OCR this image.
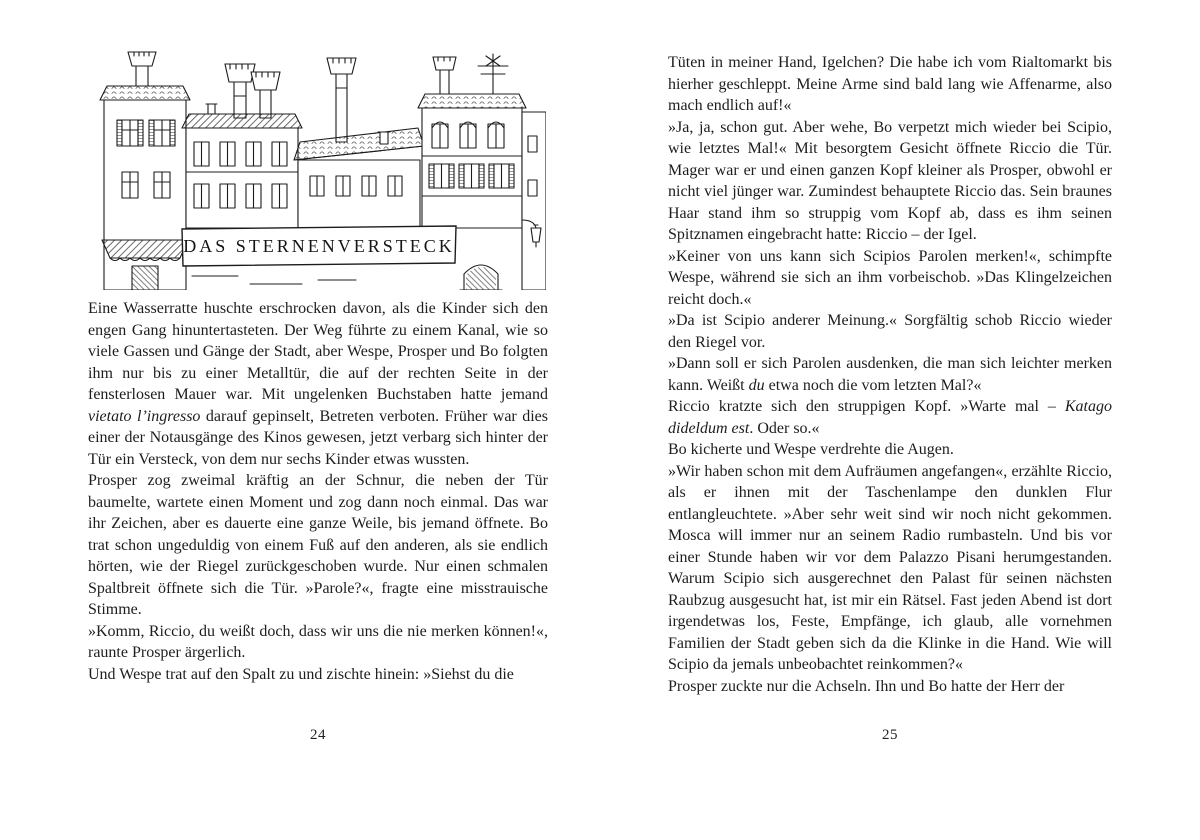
DAS STERNENVERSTECK

Eine Wasserratte huschte erschrocken davon, als die Kinder sich den engen Gang hinuntertasteten. Der Weg führte zu einem Kanal, wie so viele Gassen und Gänge der Stadt, aber Wespe, Prosper und Bo folgten ihm nur bis zu einer Metalltür, die auf der rechten Seite in der fensterlosen Mauer war. Mit ungelenken Buchstaben hatte jemand vietato l’ingresso darauf gepinselt, Betreten verboten. Früher war dies einer der Notausgänge des Kinos gewesen, jetzt verbarg sich hinter der Tür ein Versteck, von dem nur sechs Kinder etwas wussten.

Prosper zog zweimal kräftig an der Schnur, die neben der Tür baumelte, wartete einen Moment und zog dann noch einmal. Das war ihr Zeichen, aber es dauerte eine ganze Weile, bis jemand öffnete. Bo trat schon ungeduldig von einem Fuß auf den anderen, als sie endlich hörten, wie der Riegel zurückgeschoben wurde. Nur einen schmalen Spaltbreit öffnete sich die Tür. »Parole?«, fragte eine misstrauische Stimme.

»Komm, Riccio, du weißt doch, dass wir uns die nie merken können!«, raunte Prosper ärgerlich.

Und Wespe trat auf den Spalt zu und zischte hinein: »Siehst du die

Tüten in meiner Hand, Igelchen? Die habe ich vom Rialtomarkt bis hierher geschleppt. Meine Arme sind bald lang wie Affenarme, also mach endlich auf!«

»Ja, ja, schon gut. Aber wehe, Bo verpetzt mich wieder bei Scipio, wie letztes Mal!« Mit besorgtem Gesicht öffnete Riccio die Tür. Mager war er und einen ganzen Kopf kleiner als Prosper, obwohl er nicht viel jünger war. Zumindest behauptete Riccio das. Sein braunes Haar stand ihm so struppig vom Kopf ab, dass es ihm seinen Spitznamen eingebracht hatte: Riccio – der Igel.

»Keiner von uns kann sich Scipios Parolen merken!«, schimpfte Wespe, während sie sich an ihm vorbeischob. »Das Klingelzeichen reicht doch.«

»Da ist Scipio anderer Meinung.« Sorgfältig schob Riccio wieder den Riegel vor.

»Dann soll er sich Parolen ausdenken, die man sich leichter merken kann. Weißt du etwa noch die vom letzten Mal?«

Riccio kratzte sich den struppigen Kopf. »Warte mal – Katago dideldum est. Oder so.«

Bo kicherte und Wespe verdrehte die Augen.

»Wir haben schon mit dem Aufräumen angefangen«, erzählte Riccio, als er ihnen mit der Taschenlampe den dunklen Flur entlangleuchtete. »Aber sehr weit sind wir noch nicht gekommen. Mosca will immer nur an seinem Radio rumbasteln. Und bis vor einer Stunde haben wir vor dem Palazzo Pisani herumgestanden. Warum Scipio sich ausgerechnet den Palast für seinen nächsten Raubzug ausgesucht hat, ist mir ein Rätsel. Fast jeden Abend ist dort irgendetwas los, Feste, Empfänge, ich glaub, alle vornehmen Familien der Stadt geben sich da die Klinke in die Hand. Wie will Scipio da jemals unbeobachtet reinkommen?«

Prosper zuckte nur die Achseln. Ihn und Bo hatte der Herr der

24	25
